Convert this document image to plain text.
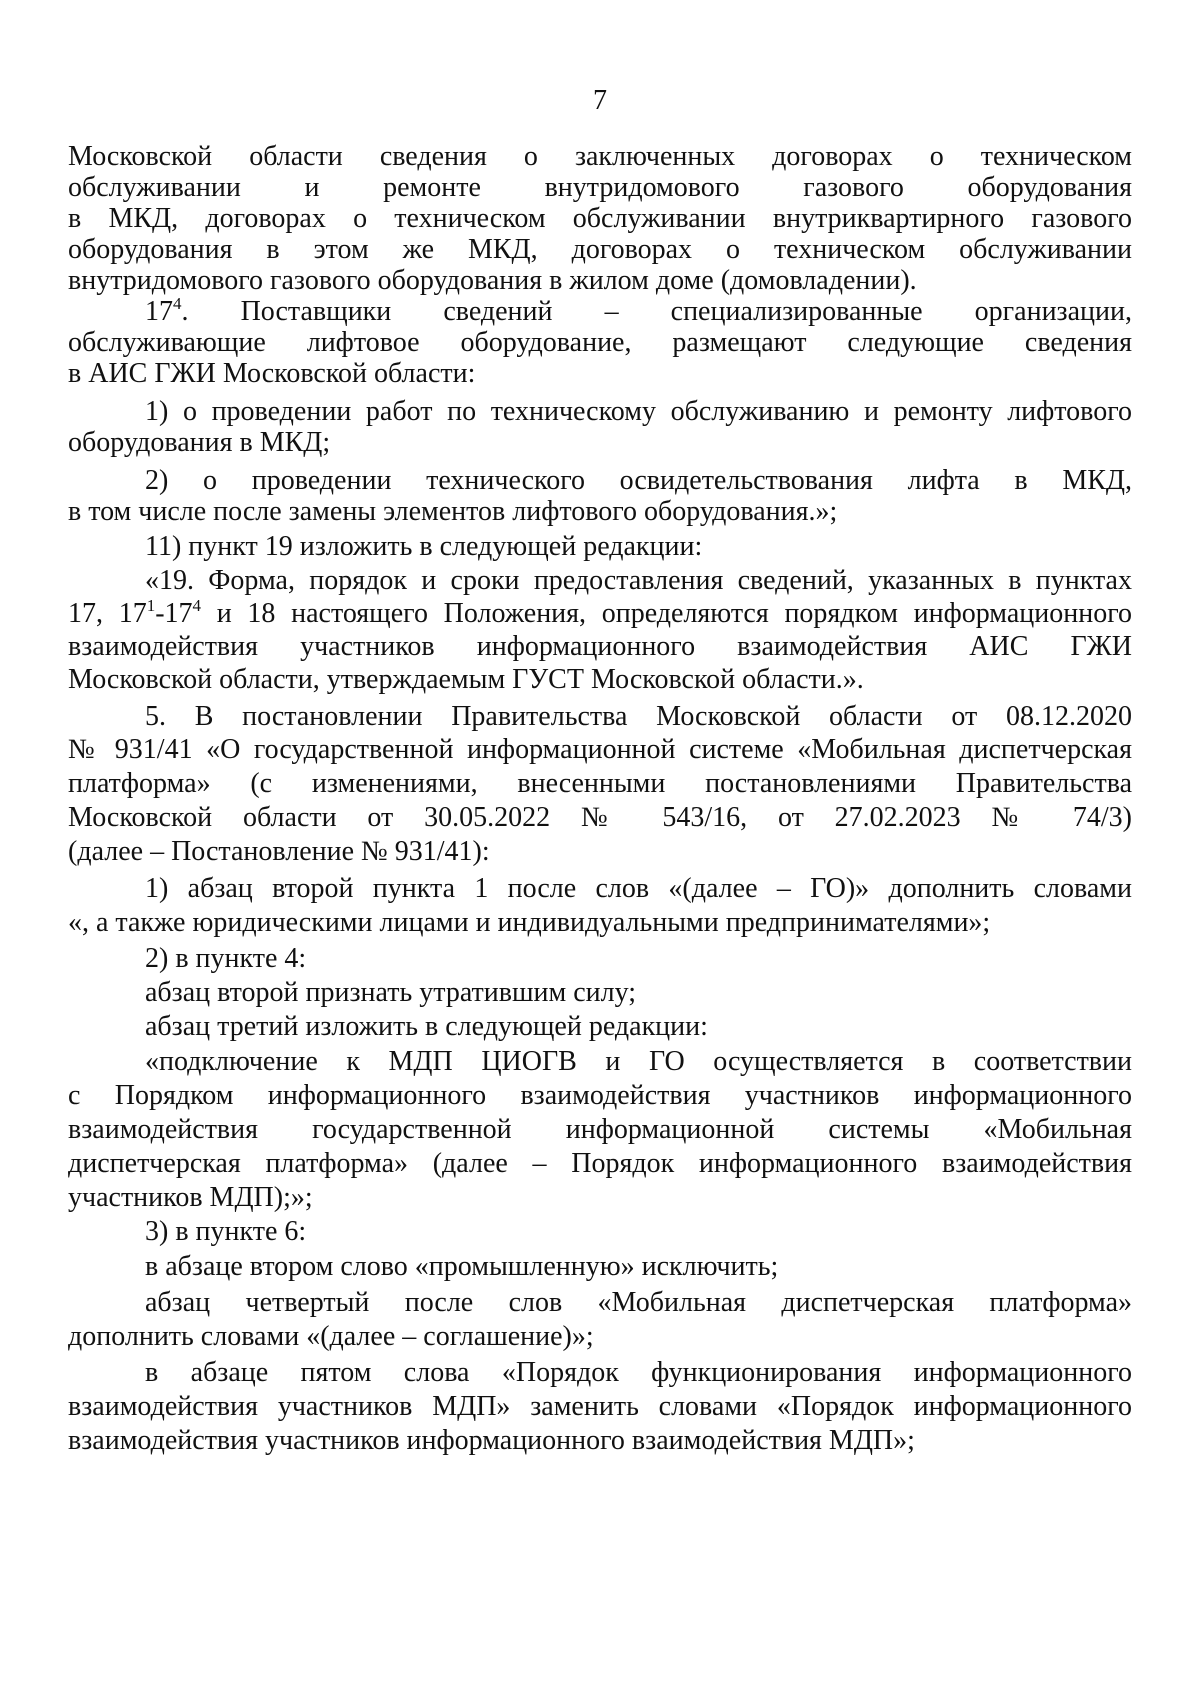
7
Московской области сведения о заключенных договорах о техническом
обслуживании и ремонте внутридомового газового оборудования
в МКД, договорах о техническом обслуживании внутриквартирного газового
оборудования в этом же МКД, договорах о техническом обслуживании
внутридомового газового оборудования в жилом доме (домовладении).
$17^4$. Поставщики сведений – специализированные организации,
обслуживающие лифтовое оборудование, размещают следующие сведения
в АИС ГЖИ Московской области:
1) о проведении работ по техническому обслуживанию и ремонту лифтового
оборудования в МКД;
2) о проведении технического освидетельствования лифта в МКД,
в том числе после замены элементов лифтового оборудования.»;
11) пункт 19 изложить в следующей редакции:
«19. Форма, порядок и сроки предоставления сведений, указанных в пунктах
17, $17^1-17^4$ и 18 настоящего Положения, определяются порядком информационного
взаимодействия участников информационного взаимодействия АИС ГЖИ
Московской области, утверждаемым ГУСТ Московской области.».
5. В постановлении Правительства Московской области от 08.12.2020
№ 931/41 «О государственной информационной системе «Мобильная диспетчерская
платформа» (с изменениями, внесенными постановлениями Правительства
Московской области от 30.05.2022 № 543/16, от 27.02.2023 № 74/3)
(далее – Постановление № 931/41):
1) абзац второй пункта 1 после слов «(далее – ГО)» дополнить словами
«, а также юридическими лицами и индивидуальными предпринимателями»;
2) в пункте 4:
абзац второй признать утратившим силу;
абзац третий изложить в следующей редакции:
«подключение к МДП ЦИОГВ и ГО осуществляется в соответствии
с Порядком информационного взаимодействия участников информационного
взаимодействия государственной информационной системы «Мобильная
диспетчерская платформа» (далее – Порядок информационного взаимодействия
участников МДП);»;
3) в пункте 6:
в абзаце втором слово «промышленную» исключить;
абзац четвертый после слов «Мобильная диспетчерская платформа»
дополнить словами «(далее – соглашение)»;
в абзаце пятом слова «Порядок функционирования информационного
взаимодействия участников МДП» заменить словами «Порядок информационного
взаимодействия участников информационного взаимодействия МДП»;
